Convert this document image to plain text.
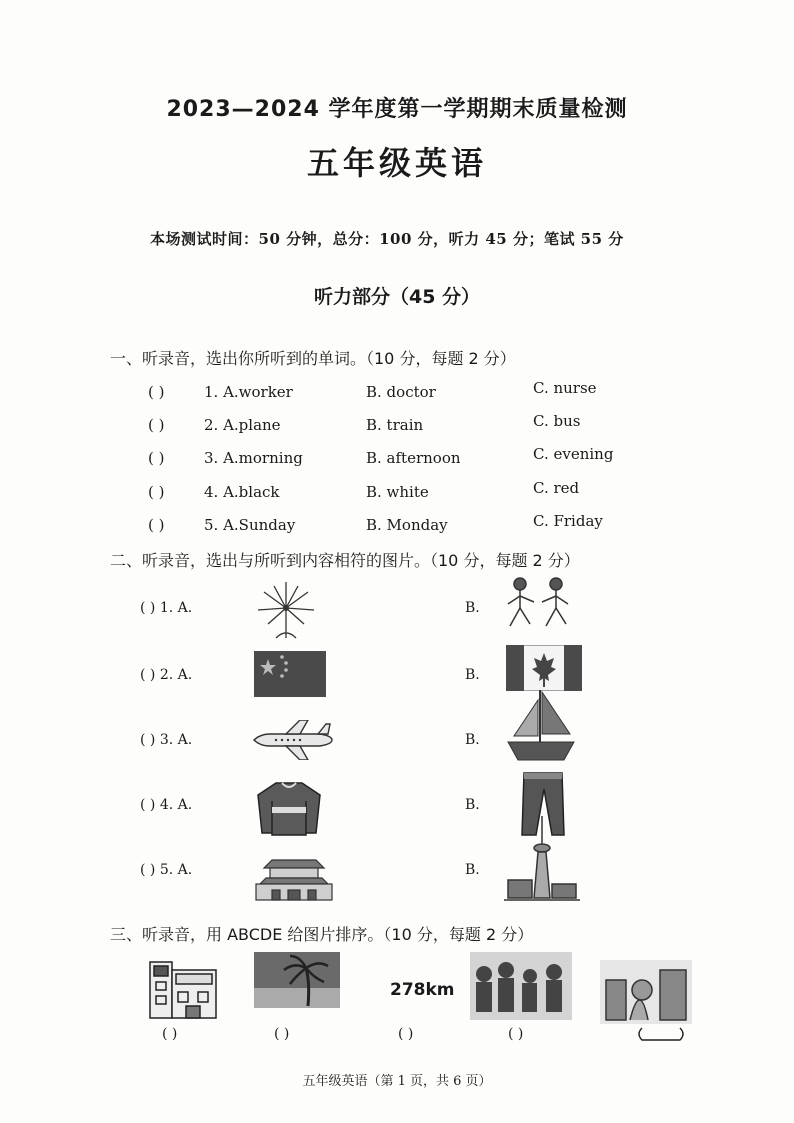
2023—2024 学年度第一学期期末质量检测
五年级英语
本场测试时间：50 分钟，总分：100 分，听力 45 分；笔试 55 分
听力部分（45 分）
一、听录音，选出你所听到的单词。（10 分，每题 2 分）
( )	1. A.worker	B. doctor	C. nurse
( )	2. A.plane	B. train	C. bus
( )	3. A.morning	B. afternoon	C. evening
( )	4. A.black	B. white	C. red
( )	5. A.Sunday	B. Monday	C. Friday
二、听录音，选出与所听到内容相符的图片。（10 分，每题 2 分）
( ) 1. A.	B.
( ) 2. A.	B.
( ) 3. A.	B.
( ) 4. A.	B.
( ) 5. A.	B.
三、听录音，用 ABCDE 给图片排序。（10 分，每题 2 分）
( )	( )	( )	( )
278km
五年级英语（第 1 页，共 6 页）
